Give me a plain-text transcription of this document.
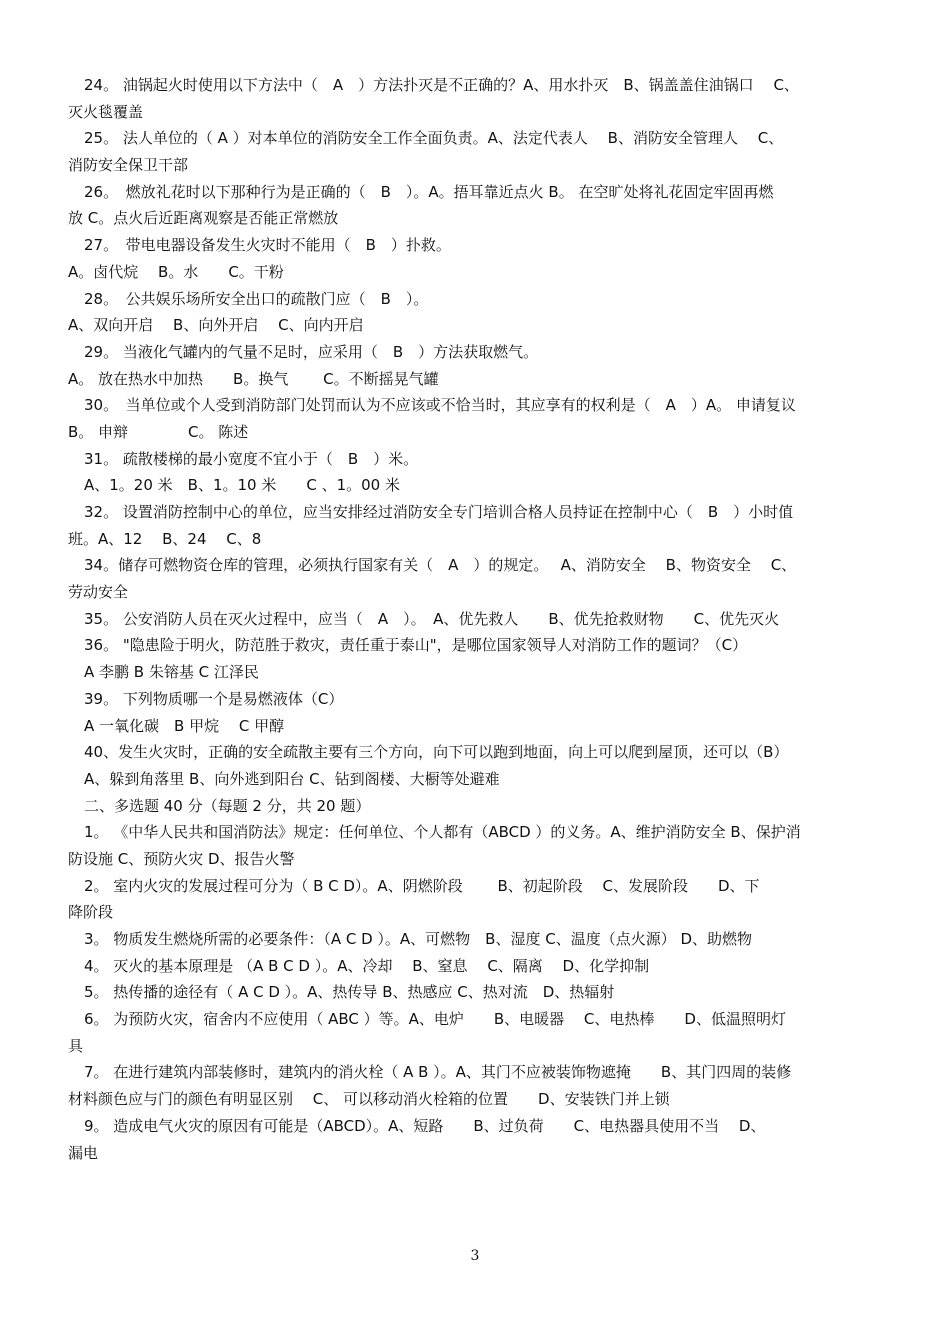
24。 油锅起火时使用以下方法中（　A　）方法扑灭是不正确的？A、用水扑灭　B、锅盖盖住油锅口　 C、
灭火毯覆盖
25。 法人单位的（ A ）对本单位的消防安全工作全面负责。A、法定代表人　 B、消防安全管理人　 C、
消防安全保卫干部
26。　燃放礼花时以下那种行为是正确的（　B　）。A。捂耳靠近点火 B。 在空旷处将礼花固定牢固再燃
放 C。点火后近距离观察是否能正常燃放
27。　带电电器设备发生火灾时不能用（　B　）扑救。
A。卤代烷　 B。水　　C。干粉
28。　公共娱乐场所安全出口的疏散门应（　B　）。
A、双向开启　 B、向外开启　 C、向内开启
29。 当液化气罐内的气量不足时，应采用（　B　）方法获取燃气。
A。 放在热水中加热　　B。换气　　 C。不断摇晃气罐
30。　当单位或个人受到消防部门处罚而认为不应该或不恰当时，其应享有的权利是（　A　）A。 申请复议
B。 申辩　　　　C。 陈述
31。 疏散楼梯的最小宽度不宜小于（　B　）米。
A、1。20 米　B、1。10 米　　C 、1。00 米
32。 设置消防控制中心的单位，应当安排经过消防安全专门培训合格人员持证在控制中心（　B　）小时值
班。A、12　 B、24　 C、8
34。储存可燃物资仓库的管理，必须执行国家有关（　A　）的规定。　 A、消防安全　 B、物资安全　 C、
劳动安全
35。 公安消防人员在灭火过程中，应当（　A　）。　A、优先救人　　B、优先抢救财物　　C、优先灭火
36。 "隐患险于明火，防范胜于救灾，责任重于泰山"，是哪位国家领导人对消防工作的题词？（C）
A 李鹏 B 朱镕基 C 江泽民
39。 下列物质哪一个是易燃液体（C）
A 一氧化碳　B 甲烷　 C 甲醇
40、发生火灾时，正确的安全疏散主要有三个方向，向下可以跑到地面，向上可以爬到屋顶，还可以（B）
A、躲到角落里 B、向外逃到阳台 C、钻到阁楼、大橱等处避难
二、多选题 40 分（每题 2 分，共 20 题）
1。 《中华人民共和国消防法》规定：任何单位、个人都有（ABCD ）的义务。A、维护消防安全 B、保护消
防设施 C、预防火灾 D、报告火警
2。 室内火灾的发展过程可分为（ B C D）。A、阴燃阶段　　 B、初起阶段　 C、发展阶段　　D、下
降阶段
3。 物质发生燃烧所需的必要条件：（A C D ）。A、可燃物　B、湿度 C、温度（点火源） D、助燃物
4。 灭火的基本原理是 （A B C D ）。A、冷却　 B、窒息　 C、隔离　 D、化学抑制
5。 热传播的途径有（ A C D ）。A、热传导 B、热感应 C、热对流　D、热辐射
6。 为预防火灾，宿舍内不应使用（ ABC ）等。A、电炉　　B、电暖器　 C、电热棒　　D、低温照明灯
具
7。 在进行建筑内部装修时，建筑内的消火栓（ A B ）。A、其门不应被装饰物遮掩　　B、其门四周的装修
材料颜色应与门的颜色有明显区别　 C、 可以移动消火栓箱的位置　　D、安装铁门并上锁
9。 造成电气火灾的原因有可能是（ABCD）。A、短路　　B、过负荷　　C、电热器具使用不当　 D、
漏电
3
